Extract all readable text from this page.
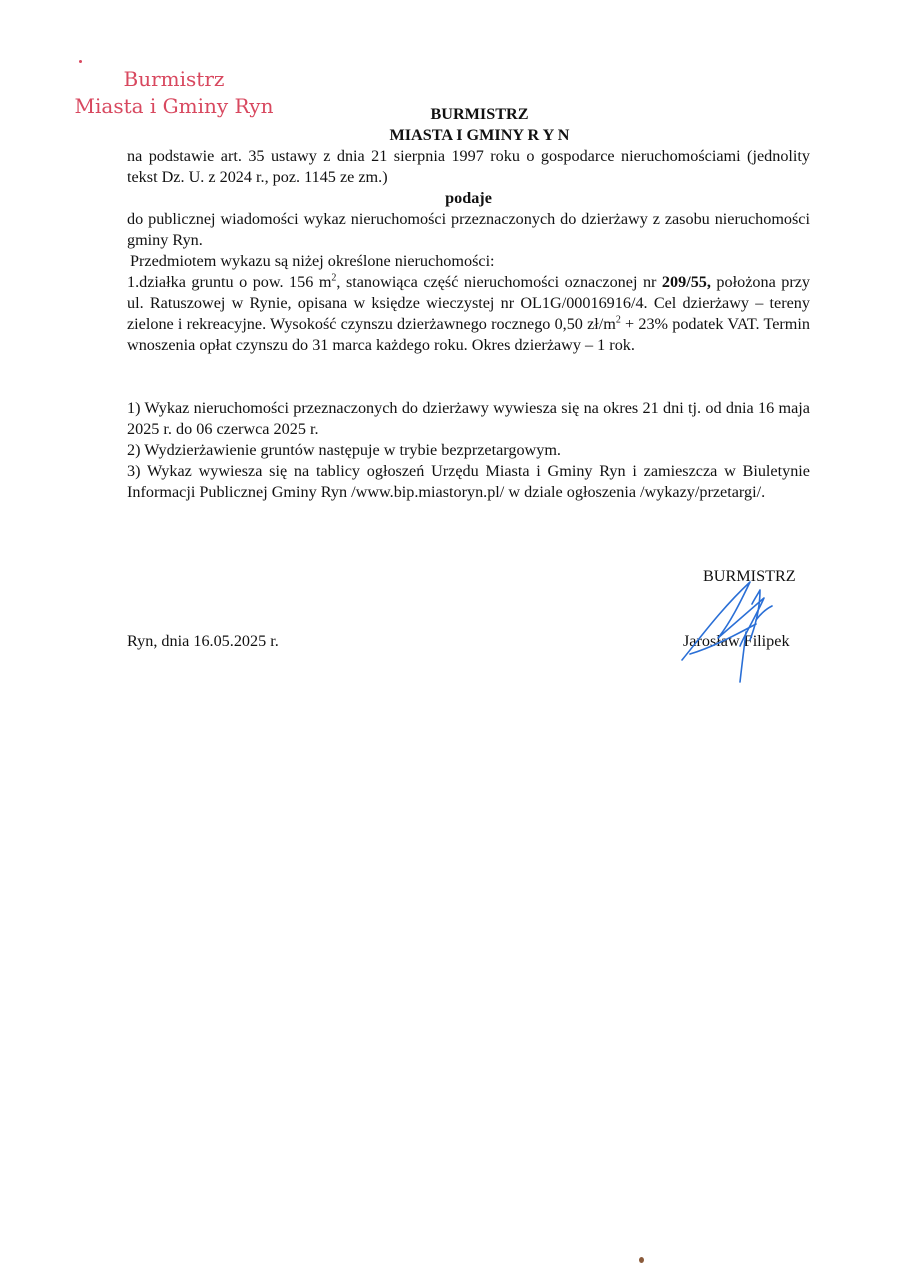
Burmistrz
Miasta i Gminy Ryn	BURMISTRZ
MIASTA I GMINY R Y N
na podstawie art. 35 ustawy z dnia 21 sierpnia 1997 roku o gospodarce nieruchomościami (jednolity tekst Dz. U. z 2024 r., poz. 1145 ze zm.)
podaje
do publicznej wiadomości wykaz nieruchomości przeznaczonych do dzierżawy z zasobu nieruchomości gminy Ryn.
Przedmiotem wykazu są niżej określone nieruchomości:
1.działka gruntu o pow. 156 $m^2$, stanowiąca część nieruchomości oznaczonej nr 209/55, położona przy ul. Ratuszowej w Rynie, opisana w księdze wieczystej nr OL1G/00016916/4. Cel dzierżawy – tereny zielone i rekreacyjne. Wysokość czynszu dzierżawnego rocznego 0,50 $zł/m^2 + 23\%$ podatek VAT. Termin wnoszenia opłat czynszu do 31 marca każdego roku. Okres dzierżawy – 1 rok.
1) Wykaz nieruchomości przeznaczonych do dzierżawy wywiesza się na okres 21 dni tj. od dnia 16 maja 2025 r. do 06 czerwca 2025 r.
2) Wydzierżawienie gruntów następuje w trybie bezprzetargowym.
3) Wykaz wywiesza się na tablicy ogłoszeń Urzędu Miasta i Gminy Ryn i zamieszcza w Biuletynie Informacji Publicznej Gminy Ryn /www.bip.miastoryn.pl/ w dziale ogłoszenia /wykazy/przetargi/.
BURMISTRZ
Ryn, dnia 16.05.2025 r.	Jarosław Filipek
